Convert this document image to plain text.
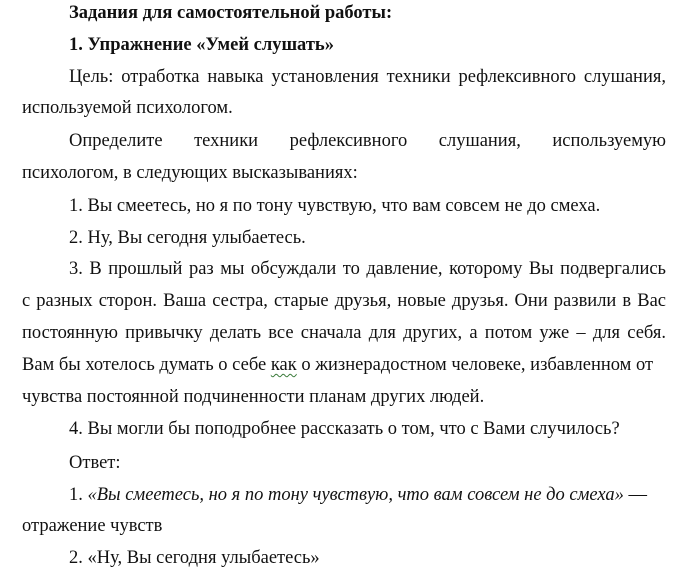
Задания для самостоятельной работы:
1. Упражнение «Умей слушать»
Цель: отработка навыка установления техники рефлексивного слушания,
используемой психологом.
Определите техники рефлексивного слушания, используемую
психологом, в следующих высказываниях:
1. Вы смеетесь, но я по тону чувствую, что вам совсем не до смеха.
2. Ну, Вы сегодня улыбаетесь.
3. В прошлый раз мы обсуждали то давление, которому Вы подвергались
с разных сторон. Ваша сестра, старые друзья, новые друзья. Они развили в Вас
постоянную привычку делать все сначала для других, а потом уже – для себя.
Вам бы хотелось думать о себе как о жизнерадостном человеке, избавленном от
чувства постоянной подчиненности планам других людей.
4. Вы могли бы поподробнее рассказать о том, что с Вами случилось?
Ответ:
1. «Вы смеетесь, но я по тону чувствую, что вам совсем не до смеха» —
отражение чувств
2. «Ну, Вы сегодня улыбаетесь»
